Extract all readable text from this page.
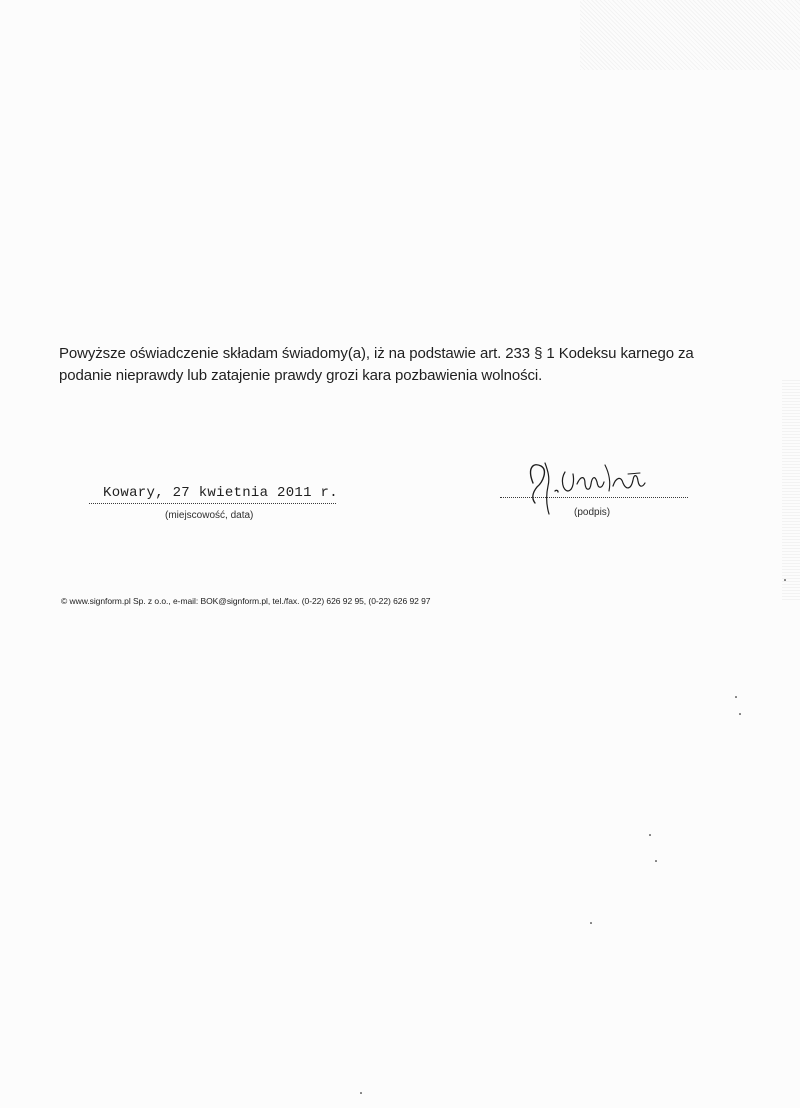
Powyższe oświadczenie składam świadomy(a), iż na podstawie art. 233 § 1 Kodeksu karnego za podanie nieprawdy lub zatajenie prawdy grozi kara pozbawienia wolności.

Kowary, 27 kwietnia 2011 r.
(miejscowość, data)	(podpis)
© www.signform.pl Sp. z o.o., e-mail: BOK@signform.pl, tel./fax. (0-22) 626 92 95, (0-22) 626 92 97
